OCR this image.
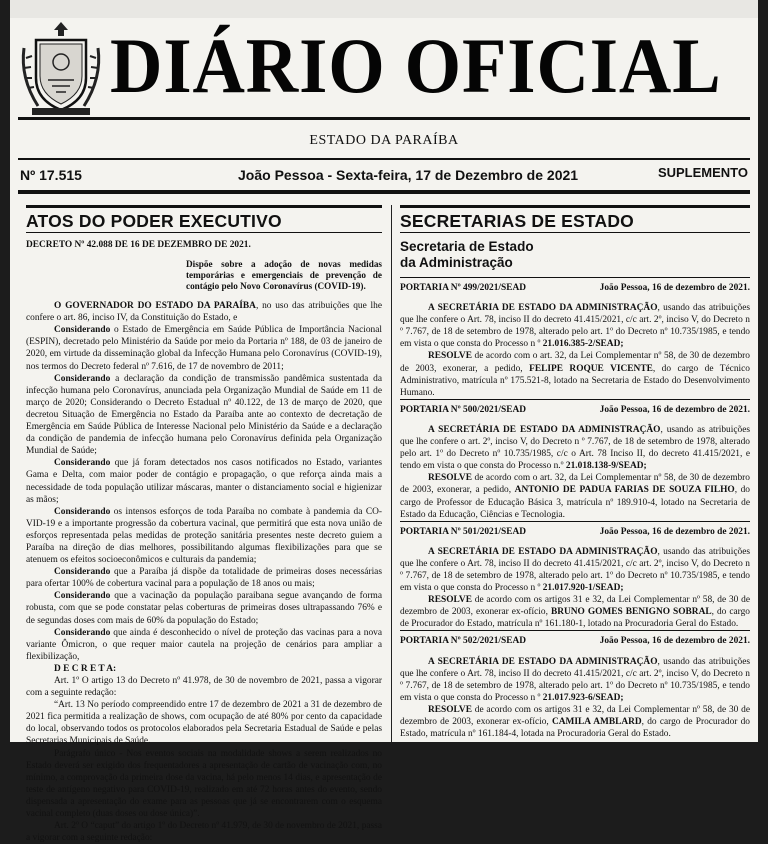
DIÁRIO OFICIAL
ESTADO DA PARAÍBA
Nº 17.515	João Pessoa - Sexta-feira, 17 de Dezembro de 2021	SUPLEMENTO
ATOS DO PODER EXECUTIVO
DECRETO Nº 42.088 DE 16 DE DEZEMBRO DE 2021.
Dispõe sobre a adoção de novas medidas temporárias e emergenciais de prevenção de contágio pelo Novo Coronavírus (COVID-19).

O GOVERNADOR DO ESTADO DA PARAÍBA, no uso das atribuições que lhe confere o art. 86, inciso IV, da Constituição do Estado, e

Considerando o Estado de Emergência em Saúde Pública de Importância Nacional (ESPIN), decretado pelo Ministério da Saúde por meio da Portaria nº 188, de 03 de janeiro de 2020, em virtude da disseminação global da Infecção Humana pelo Coronavírus (COVID-19), nos termos do Decreto federal nº 7.616, de 17 de novembro de 2011;

Considerando a declaração da condição de transmissão pandêmica sustentada da infecção humana pelo Coronavírus, anunciada pela Organização Mundial de Saúde em 11 de março de 2020; Considerando o Decreto Estadual nº 40.122, de 13 de março de 2020, que decretou Situação de Emergência no Estado da Paraíba ante ao contexto de decretação de Emergência em Saúde Pública de Interesse Nacional pelo Ministério da Saúde e a declaração da condição de pandemia de infecção humana pelo Coronavírus definida pela Organização Mundial de Saúde;

Considerando que já foram detectados nos casos notificados no Estado, variantes Gama e Delta, com maior poder de contágio e propagação, o que reforça ainda mais a necessidade de toda população utilizar máscaras, manter o distanciamento social e higienizar as mãos;

Considerando os intensos esforços de toda Paraíba no combate à pandemia da CO-VID-19 e a importante progressão da cobertura vacinal, que permitirá que esta nova união de esforços representada pelas medidas de proteção sanitária presentes neste decreto guiem a Paraíba na direção de dias melhores, possibilitando algumas flexibilizações para que se atenuem os efeitos socioeconômicos e culturais da pandemia;

Considerando que a Paraíba já dispõe da totalidade de primeiras doses necessárias para ofertar 100% de cobertura vacinal para a população de 18 anos ou mais;

Considerando que a vacinação da população paraibana segue avançando de forma robusta, com que se pode constatar pelas coberturas de primeiras doses ultrapassando 76% e de segundas doses com mais de 60% da população do Estado;

Considerando que ainda é desconhecido o nível de proteção das vacinas para a nova variante Ômicron, o que requer maior cautela na projeção de cenários para ampliar a flexibilização,

D E C R E T A:

Art. 1º O artigo 13 do Decreto nº 41.978, de 30 de novembro de 2021, passa a vigorar com a seguinte redação:

“Art. 13 No período compreendido entre 17 de dezembro de 2021 a 31 de dezembro de 2021 fica permitida a realização de shows, com ocupação de até 80% por cento da capacidade do local, observando todos os protocolos elaborados pela Secretaria Estadual de Saúde e pelas Secretarias Municipais de Saúde.

Parágrafo único - Nos eventos sociais na modalidade shows a serem realizados no Estado deverá ser exigido dos frequentadores a apresentação de cartão de vacinação com, no mínimo, a comprovação da primeira dose da vacina, há pelo menos 14 dias, e apresentação de teste de antígeno negativo para COVID-19, realizado em até 72 horas antes do evento, sendo dispensada a apresentação do exame para as pessoas que já se encontrarem com o esquema vacinal completo (duas doses ou dose única)”.

Art. 2º O “caput” do artigo 1º do Decreto nº 41.979, de 30 de novembro de 2021, passa a vigorar com a seguinte redação:

SECRETARIAS DE ESTADO
Secretaria de Estado
da Administração
PORTARIA Nº 499/2021/SEAD	João Pessoa, 16 de dezembro de 2021.

A SECRETÁRIA DE ESTADO DA ADMINISTRAÇÃO, usando das atribuições que lhe confere o Art. 78, inciso II do decreto 41.415/2021, c/c art. 2º, inciso V, do Decreto n º 7.767, de 18 de setembro de 1978, alterado pelo art. 1º do Decreto nº 10.735/1985, e tendo em vista o que consta do Processo n º 21.016.385-2/SEAD;

RESOLVE de acordo com o art. 32, da Lei Complementar nº 58, de 30 de dezembro de 2003, exonerar, a pedido, FELIPE ROQUE VICENTE, do cargo de Técnico Administrativo, matrícula nº 175.521-8, lotado na Secretaria de Estado do Desenvolvimento Humano.

PORTARIA Nº 500/2021/SEAD	João Pessoa, 16 de dezembro de 2021.

A SECRETÁRIA DE ESTADO DA ADMINISTRAÇÃO, usando as atribuições que lhe confere o art. 2º, inciso V, do Decreto n º 7.767, de 18 de setembro de 1978, alterado pelo art. 1º do Decreto nº 10.735/1985, c/c o Art. 78 Inciso II, do decreto 41.415/2021, e tendo em vista o que consta do Processo n.º 21.018.138-9/SEAD;

RESOLVE de acordo com o art. 32, da Lei Complementar nº 58, de 30 de dezembro de 2003, exonerar, a pedido, ANTONIO DE PADUA FARIAS DE SOUZA FILHO, do cargo de Professor de Educação Básica 3, matrícula nº 189.910-4, lotado na Secretaria de Estado da Educação, Ciências e Tecnologia.

PORTARIA Nº 501/2021/SEAD	João Pessoa, 16 de dezembro de 2021.

A SECRETÁRIA DE ESTADO DA ADMINISTRAÇÃO, usando das atribuições que lhe confere o Art. 78, inciso II do decreto 41.415/2021, c/c art. 2º, inciso V, do Decreto n º 7.767, de 18 de setembro de 1978, alterado pelo art. 1º do Decreto nº 10.735/1985, e tendo em vista o que consta do Processo n º 21.017.920-1/SEAD;

RESOLVE de acordo com os artigos 31 e 32, da Lei Complementar nº 58, de 30 de dezembro de 2003, exonerar ex-ofício, BRUNO GOMES BENIGNO SOBRAL, do cargo de Procurador do Estado, matrícula nº 161.180-1, lotado na Procuradoria Geral do Estado.

PORTARIA Nº 502/2021/SEAD	João Pessoa, 16 de dezembro de 2021.

A SECRETÁRIA DE ESTADO DA ADMINISTRAÇÃO, usando das atribuições que lhe confere o Art. 78, inciso II do decreto 41.415/2021, c/c art. 2º, inciso V, do Decreto n º 7.767, de 18 de setembro de 1978, alterado pelo art. 1º do Decreto nº 10.735/1985, e tendo em vista o que consta do Processo n º 21.017.923-6/SEAD;

RESOLVE de acordo com os artigos 31 e 32, da Lei Complementar nº 58, de 30 de dezembro de 2003, exonerar ex-ofício, CAMILA AMBLARD, do cargo de Procurador do Estado, matrícula nº 161.184-4, lotada na Procuradoria Geral do Estado.
